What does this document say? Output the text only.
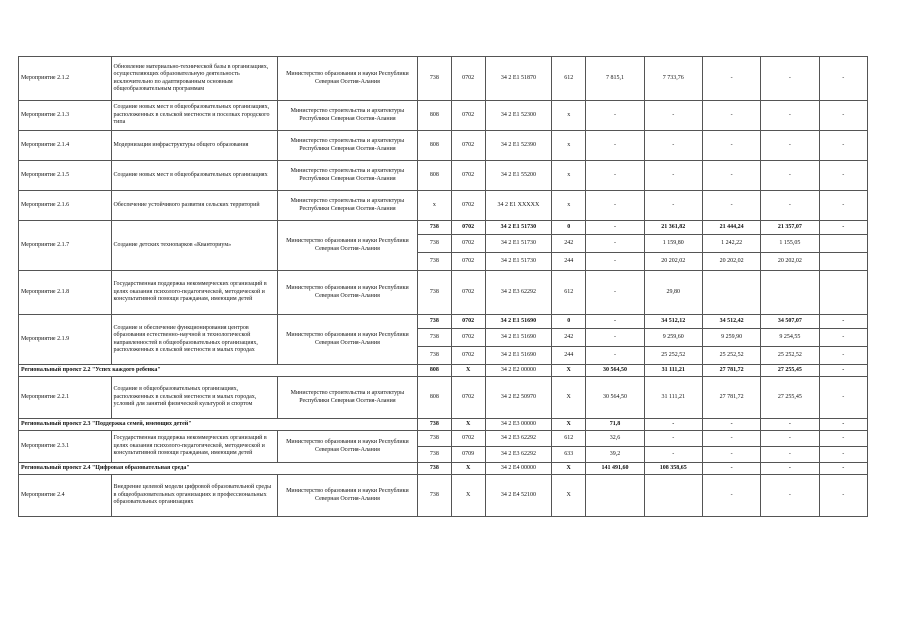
Мероприятие 2.1.2	Обновление материально-технической базы в организациях, осуществляющих образовательную деятельность исключительно по адаптированным основным общеобразовательным программам	Министерство образования и науки Республики Северная Осетия-Алания	738	0702	34 2 E1 51870	612	7 815,1	7 733,76	-	-	-
Мероприятие 2.1.3	Создание новых мест в общеобразовательных организациях, расположенных в сельской местности и поселках городского типа	Министерство строительства и архитектуры Республики Северная Осетия-Алания	808	0702	34 2 E1 52300	x	-	-	-	-	-
Мероприятие 2.1.4	Модернизация инфраструктуры общего образования	Министерство строительства и архитектуры Республики Северная Осетия-Алания	808	0702	34 2 E1 52390	x	-	-	-	-	-
Мероприятие 2.1.5	Создание новых мест в общеобразовательных организациях	Министерство строительства и архитектуры Республики Северная Осетия-Алания	808	0702	34 2 E1 55200	x	-	-	-	-	-
Мероприятие 2.1.6	Обеспечение устойчивого развития сельских территорий	Министерство строительства и архитектуры Республики Северная Осетия-Алания	x	0702	34 2 E1 XXXXX	x	-	-	-	-	-
Мероприятие 2.1.7	Создание детских технопарков «Кванториум»	Министерство образования и науки Республики Северная Осетия-Алания	738	0702	34 2 E1 51730	0	-	21 361,82	21 444,24	21 357,07	-
			738	0702	34 2 E1 51730	242	-	1 159,80	1 242,22	1 155,05	
			738	0702	34 2 E1 51730	244	-	20 202,02	20 202,02	20 202,02	
Мероприятие 2.1.8	Государственная поддержка некоммерческих организаций в целях оказания психолого-педагогической, методической и консультативной помощи гражданам, имеющим детей	Министерство образования и науки Республики Северная Осетия-Алания	738	0702	34 2 E3 62292	612	-	29,80			
Мероприятие 2.1.9	Создание и обеспечение функционирования центров образования естественно-научной и технологической направленностей в общеобразовательных организациях, расположенных в сельской местности и малых городах	Министерство образования и науки Республики Северная Осетия-Алания	738	0702	34 2 E1 51690	0	-	34 512,12	34 512,42	34 507,07	-
			738	0702	34 2 E1 51690	242	-	9 259,60	9 259,90	9 254,55	-
			738	0702	34 2 E1 51690	244	-	25 252,52	25 252,52	25 252,52	-
Региональный проект 2.2 "Успех каждого ребенка"			808	X	34 2 E2 00000	X	30 564,50	31 111,21	27 781,72	27 255,45	-
Мероприятие 2.2.1	Создание в общеобразовательных организациях, расположенных в сельской местности и малых городах, условий для занятий физической культурой и спортом	Министерство строительства и архитектуры Республики Северная Осетия-Алания	808	0702	34 2 E2 50970	X	30 564,50	31 111,21	27 781,72	27 255,45	-
Региональный проект 2.3 "Поддержка семей, имеющих детей"			738	X	34 2 E3 00000	X	71,8	-	-	-	-
Мероприятие 2.3.1	Государственная поддержка некоммерческих организаций в целях оказания психолого-педагогической, методической и консультативной помощи гражданам, имеющим детей	Министерство образования и науки Республики Северная Осетия-Алания	738	0702	34 2 E3 62292	612	32,6	-	-	-	-
			738	0709	34 2 E3 62292	633	39,2	-	-	-	-
Региональный проект 2.4 "Цифровая образовательная среда"			738	X	34 2 E4 00000	X	141 491,60	108 358,65	-	-	-
Мероприятие 2.4	Внедрение целевой модели цифровой образовательной среды в общеобразовательных организациях и профессиональных образовательных организациях	Министерство образования и науки Республики Северная Осетия-Алания	738	X	34 2 E4 52100	X			-	-	-
